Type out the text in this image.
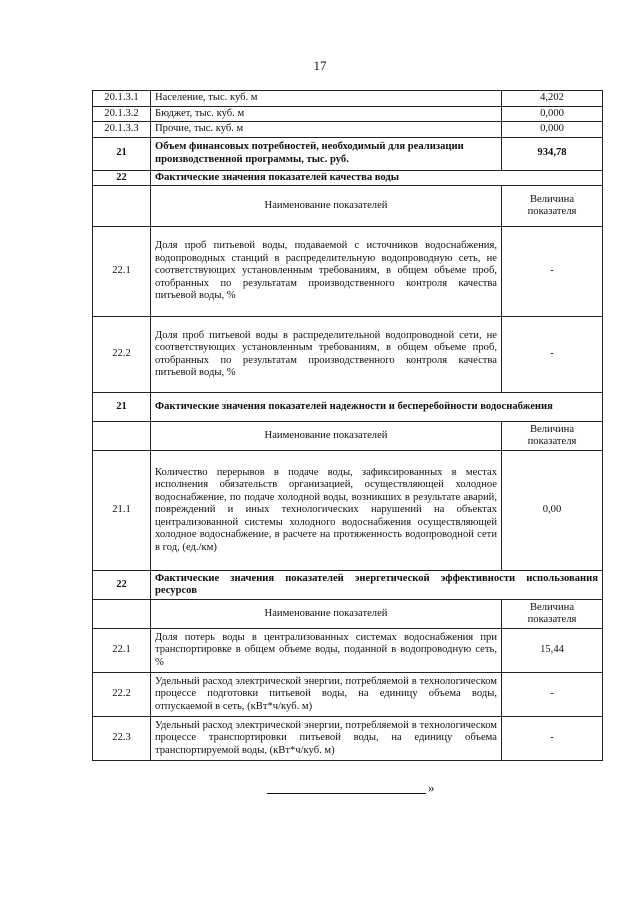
17
20.1.3.1	Население, тыс. куб. м	4,202
20.1.3.2	Бюджет, тыс. куб. м	0,000
20.1.3.3	Прочие, тыс. куб. м	0,000
21	Объем финансовых потребностей, необходимый для реализации производственной программы, тыс. руб.	934,78
22	Фактические значения показателей качества воды	
	Наименование показателей	Величина показателя
22.1	Доля проб питьевой воды, подаваемой с источников водоснабжения, водопроводных станций в распределительную водопроводную сеть, не соответствующих установленным требованиям, в общем объеме проб, отобранных по результатам производственного контроля качества питьевой воды, %	-
22.2	Доля проб питьевой воды в распределительной водопроводной сети, не соответствующих установленным требованиям, в общем объеме проб, отобранных по результатам производственного контроля качества питьевой воды, %	-
21	Фактические значения показателей надежности и бесперебойности водоснабжения	
	Наименование показателей	Величина показателя
21.1	Количество перерывов в подаче воды, зафиксированных в местах исполнения обязательств организацией, осуществляющей холодное водоснабжение, по подаче холодной воды, возникших в результате аварий, повреждений и иных технологических нарушений на объектах централизованной системы холодного водоснабжения осуществляющей холодное водоснабжение, в расчете на протяженность водопроводной сети в год, (ед./км)	0,00
22	Фактические значения показателей энергетической эффективности использования ресурсов	
	Наименование показателей	Величина показателя
22.1	Доля потерь воды в централизованных системах водоснабжения при транспортировке в общем объеме воды, поданной в водопроводную сеть, %	15,44
22.2	Удельный расход электрической энергии, потребляемой в технологическом процессе подготовки питьевой воды, на единицу объема воды, отпускаемой в сеть, (кВт*ч/куб. м)	-
22.3	Удельный расход электрической энергии, потребляемой в технологическом процессе транспортировки питьевой воды, на единицу объема транспортируемой воды, (кВт*ч/куб. м)	-
»
